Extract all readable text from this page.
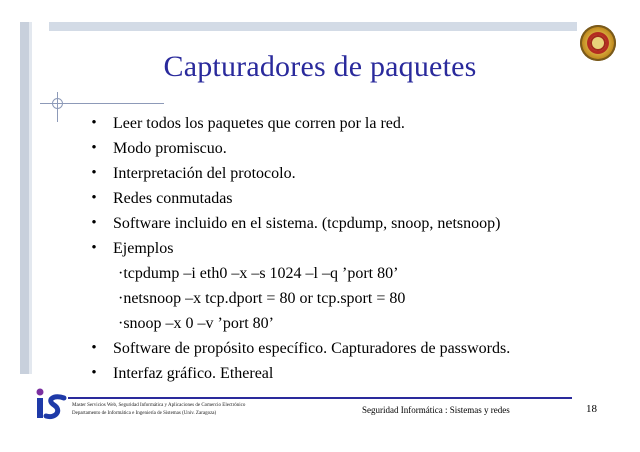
Capturadores de paquetes
• Leer todos los paquetes que corren por la red.
• Modo promiscuo.
• Interpretación del protocolo.
• Redes conmutadas
• Software incluido en el sistema. (tcpdump, snoop, netsnoop)
• Ejemplos
·tcpdump –i eth0 –x –s 1024 –l –q ’port 80’
·netsnoop –x tcp.dport = 80 or tcp.sport = 80
·snoop –x 0 –v ’port 80’
• Software de propósito específico. Capturadores de passwords.
• Interfaz gráfico. Ethereal
Master Servicios Web, Seguridad Informática y Aplicaciones de Comercio Electrónico
Departamento de Informática e Ingeniería de Sistemas (Univ. Zaragoza)	Seguridad Informática : Sistemas y redes	18
